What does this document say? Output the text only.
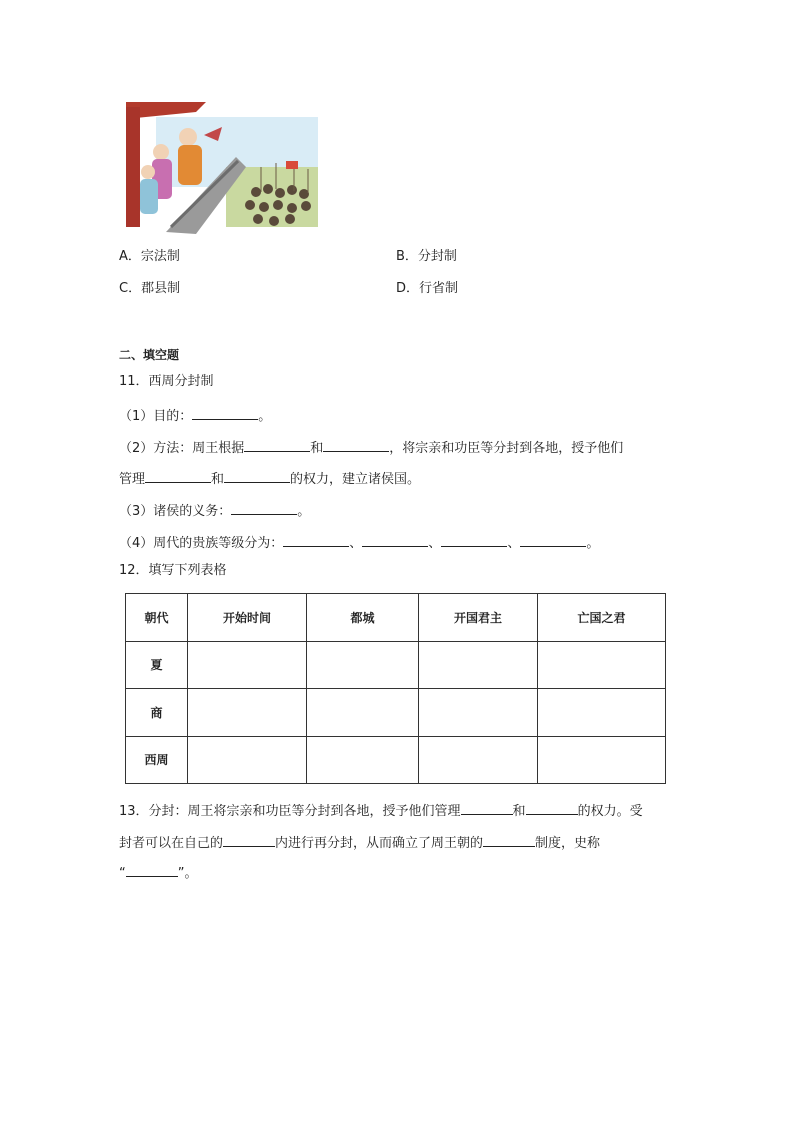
A．宗法制	B．分封制
C．郡县制	D．行省制
二、填空题
11．西周分封制
（1）目的：	。
（2）方法：周王根据	和	，将宗亲和功臣等分封到各地，授予他们
管理	和	的权力，建立诸侯国。
（3）诸侯的义务：	。
（4）周代的贵族等级分为：	、	、	、	。
12．填写下列表格
朝代	开始时间	都城	开国君主	亡国之君
夏				
商				
西周				
13．分封：周王将宗亲和功臣等分封到各地，授予他们管理	和	的权力。受
封者可以在自己的	内进行再分封，从而确立了周王朝的	制度，史称
“	”。
